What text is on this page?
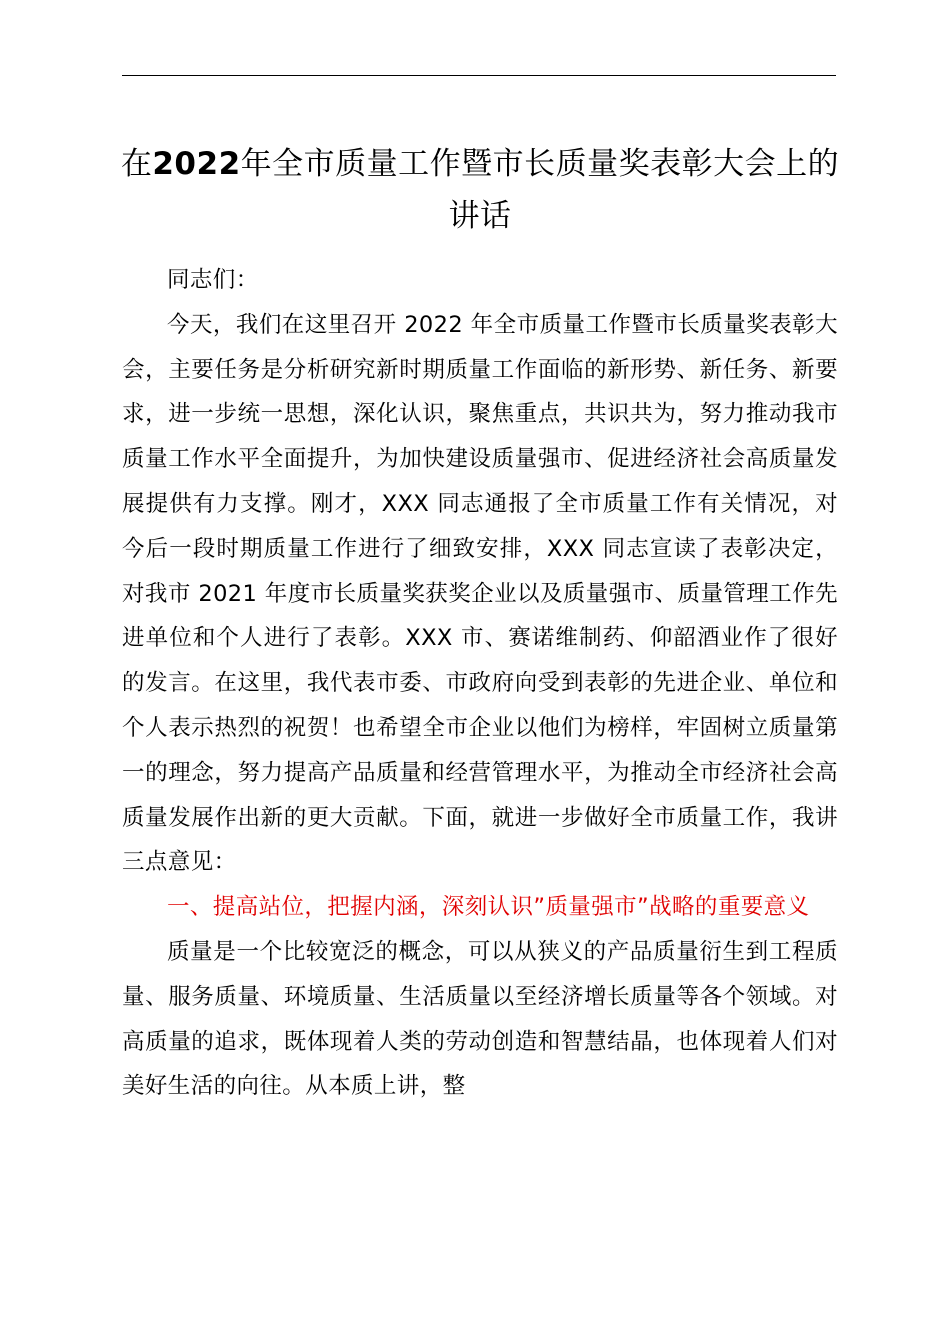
在2022年全市质量工作暨市长质量奖表彰大会上的讲话

同志们：

今天，我们在这里召开 2022 年全市质量工作暨市长质量奖表彰大会，主要任务是分析研究新时期质量工作面临的新形势、新任务、新要求，进一步统一思想，深化认识，聚焦重点，共识共为，努力推动我市质量工作水平全面提升，为加快建设质量强市、促进经济社会高质量发展提供有力支撑。刚才，XXX 同志通报了全市质量工作有关情况，对今后一段时期质量工作进行了细致安排，XXX 同志宣读了表彰决定，对我市 2021 年度市长质量奖获奖企业以及质量强市、质量管理工作先进单位和个人进行了表彰。XXX 市、赛诺维制药、仰韶酒业作了很好的发言。在这里，我代表市委、市政府向受到表彰的先进企业、单位和个人表示热烈的祝贺！也希望全市企业以他们为榜样，牢固树立质量第一的理念，努力提高产品质量和经营管理水平，为推动全市经济社会高质量发展作出新的更大贡献。下面，就进一步做好全市质量工作，我讲三点意见：

一、提高站位，把握内涵，深刻认识”质量强市”战略的重要意义

质量是一个比较宽泛的概念，可以从狭义的产品质量衍生到工程质量、服务质量、环境质量、生活质量以至经济增长质量等各个领域。对高质量的追求，既体现着人类的劳动创造和智慧结晶，也体现着人们对美好生活的向往。从本质上讲，整
